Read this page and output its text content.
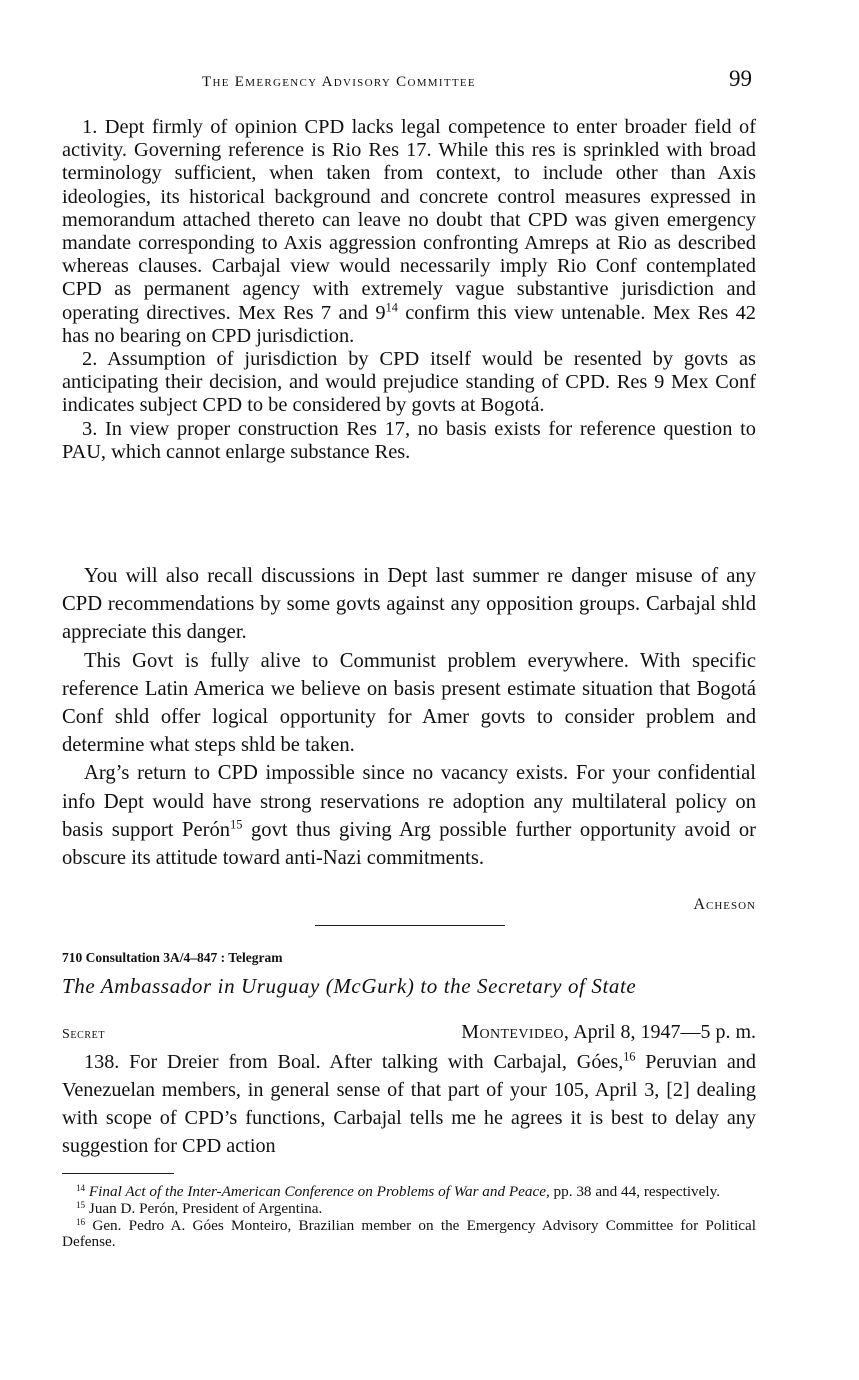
The Emergency Advisory Committee	99

1. Dept firmly of opinion CPD lacks legal competence to enter broader field of activity. Governing reference is Rio Res 17. While this res is sprinkled with broad terminology sufficient, when taken from context, to include other than Axis ideologies, its historical background and concrete control measures expressed in memorandum attached thereto can leave no doubt that CPD was given emergency mandate corresponding to Axis aggression confronting Amreps at Rio as described whereas clauses. Carbajal view would necessarily imply Rio Conf contemplated CPD as permanent agency with extremely vague substantive jurisdiction and operating directives. Mex Res 7 and $9^{14}$ confirm this view untenable. Mex Res 42 has no bearing on CPD jurisdiction.

2. Assumption of jurisdiction by CPD itself would be resented by govts as anticipating their decision, and would prejudice standing of CPD. Res 9 Mex Conf indicates subject CPD to be considered by govts at Bogotá.

3. In view proper construction Res 17, no basis exists for reference question to PAU, which cannot enlarge substance Res.

You will also recall discussions in Dept last summer re danger misuse of any CPD recommendations by some govts against any opposition groups. Carbajal shld appreciate this danger.

This Govt is fully alive to Communist problem everywhere. With specific reference Latin America we believe on basis present estimate situation that Bogotá Conf shld offer logical opportunity for Amer govts to consider problem and determine what steps shld be taken.

Arg’s return to CPD impossible since no vacancy exists. For your confidential info Dept would have strong reservations re adoption any multilateral policy on basis support Perón$^{15}$ govt thus giving Arg possible further opportunity avoid or obscure its attitude toward anti-Nazi commitments.

Acheson
710 Consultation 3A/4–847 : Telegram
The Ambassador in Uruguay (McGurk) to the Secretary of State
Secret	Montevideo, April 8, 1947—5 p. m.

138. For Dreier from Boal. After talking with Carbajal, Góes,$^{16}$ Peruvian and Venezuelan members, in general sense of that part of your 105, April 3, [2] dealing with scope of CPD’s functions, Carbajal tells me he agrees it is best to delay any suggestion for CPD action

$^{14}$ Final Act of the Inter-American Conference on Problems of War and Peace, pp. 38 and 44, respectively.

$^{15}$ Juan D. Perón, President of Argentina.

$^{16}$ Gen. Pedro A. Góes Monteiro, Brazilian member on the Emergency Advisory Committee for Political Defense.
